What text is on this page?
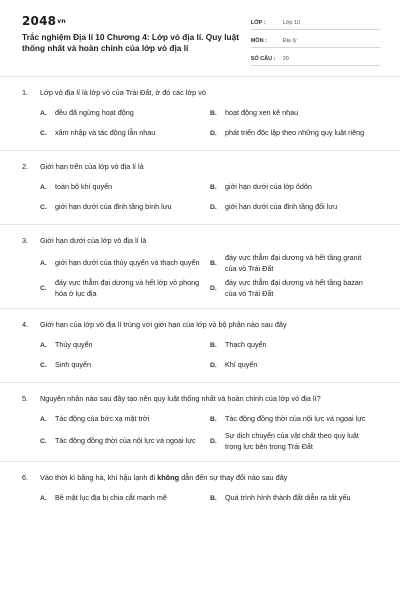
2048vn
Trắc nghiệm Địa lí 10 Chương 4: Lớp vỏ địa lí. Quy luật thống nhất và hoàn chỉnh của lớp vỏ địa lí
LỚP :	Lớp 10
MÔN :	Địa lý
SỐ CÂU :	20
1.	Lớp vỏ địa lí là lớp vỏ của Trái Đất, ở đó các lớp vỏ
A.	đều đã ngừng hoạt động	B.	hoạt động xen kẽ nhau
C.	xâm nhập và tác động lẫn nhau	D.	phát triển độc lập theo những quy luật riêng
2.	Giới hạn trên của lớp vỏ địa lí là
A.	toàn bộ khí quyển	B.	giới hạn dưới của lớp ôdôn
C.	giới hạn dưới của đỉnh tầng bình lưu	D.	giới hạn dưới của đỉnh tầng đối lưu
3.	Giới hạn dưới của lớp vỏ địa lí là
A.	giới hạn dưới của thủy quyển và thạch quyển	B.
đáy vực thẳm đại dương và hết tầng granit của vỏ Trái Đất
C.
đáy vực thẳm đại dương và hết lớp vỏ phong hóa ở lục địa	D.
đáy vực thẳm đại dương và hết tầng bazan của vỏ Trái Đất
4.	Giới hạn của lớp vỏ địa lí trùng với giới hạn của lớp vỏ bộ phận nào sau đây
A.	Thủy quyển	B.	Thạch quyển
C.	Sinh quyển	D.	Khí quyển
5.	Nguyên nhân nào sau đây tạo nên quy luật thống nhất và hoàn chỉnh của lớp vỏ địa lí?
A.	Tác động của bức xạ mặt trời	B.	Tác động đồng thời của nội lực và ngoại lực
C.	Tác động đồng thời của nội lực và ngoại lực	D.
Sự dịch chuyển của vật chất theo quy luật trọng lực bên trong Trái Đất
6.	Vào thời kì băng hà, khí hậu lạnh đi không dẫn đến sự thay đổi nào sau đây
A.	Bề mặt lục địa bị chia cắt mạnh mẽ	B.	Quá trình hình thành đất diễn ra tất yếu
